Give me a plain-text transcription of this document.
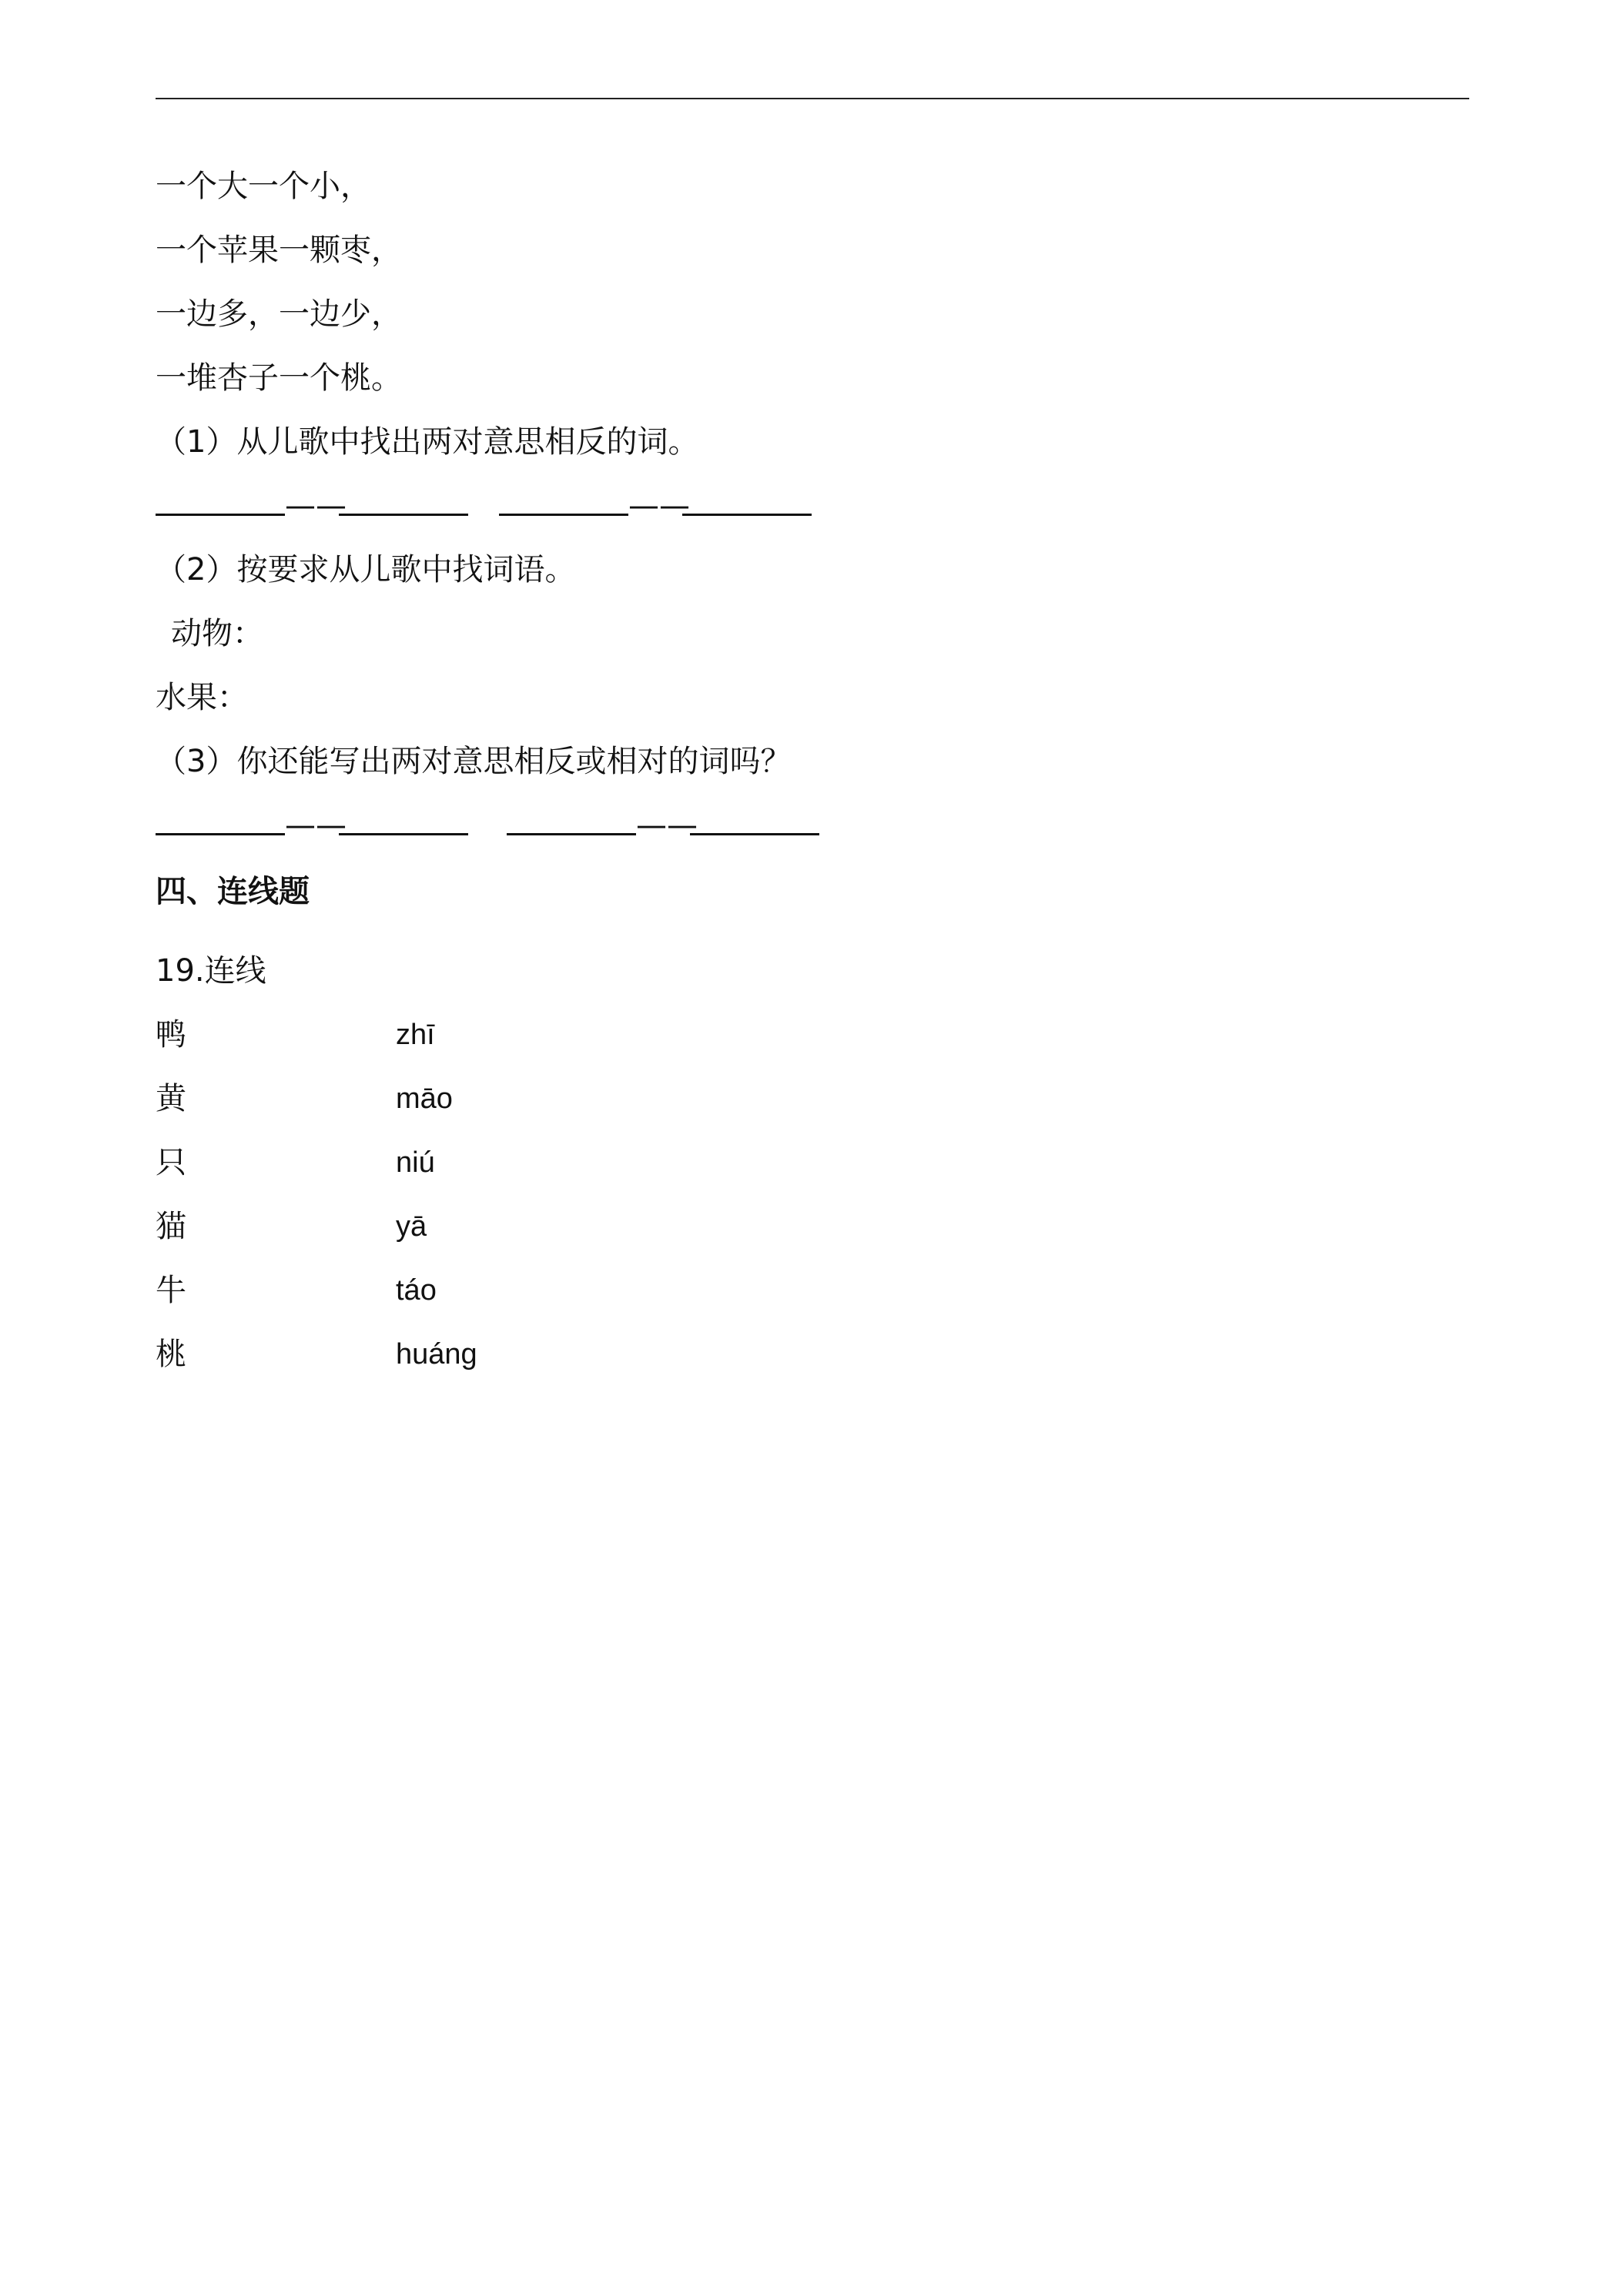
一个大一个小，
一个苹果一颗枣，
一边多，一边少，
一堆杏子一个桃。
（1）从儿歌中找出两对意思相反的词。
——	——
（2）按要求从儿歌中找词语。
动物：
水果：
（3）你还能写出两对意思相反或相对的词吗？
——	——
四、连线题
19.连线
鸭	zhī
黄	māo
只	niú
猫	yā
牛	táo
桃	huáng
